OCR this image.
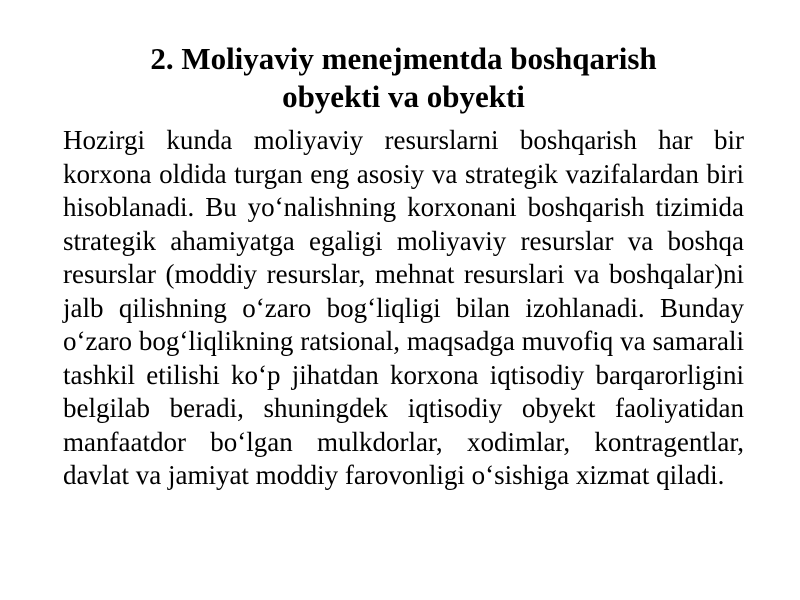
2. Moliyaviy menejmentda boshqarish
obyekti va obyekti

Hozirgi kunda moliyaviy resurslarni boshqarish har bir korxona oldida turgan eng asosiy va strategik vazifalardan biri hisoblanadi. Bu yo‘nalishning korxonani boshqarish tizimida strategik ahamiyatga egaligi moliyaviy resurslar va boshqa resurslar (moddiy resurslar, mehnat resurslari va boshqalar)ni jalb qilishning o‘zaro bog‘liqligi bilan izohlanadi. Bunday o‘zaro bog‘liqlikning ratsional, maqsadga muvofiq va samarali tashkil etilishi ko‘p jihatdan korxona iqtisodiy barqarorligini belgilab beradi, shuningdek iqtisodiy obyekt faoliyatidan manfaatdor bo‘lgan mulkdorlar, xodimlar, kontragentlar, davlat va jamiyat moddiy farovonligi o‘sishiga xizmat qiladi.
